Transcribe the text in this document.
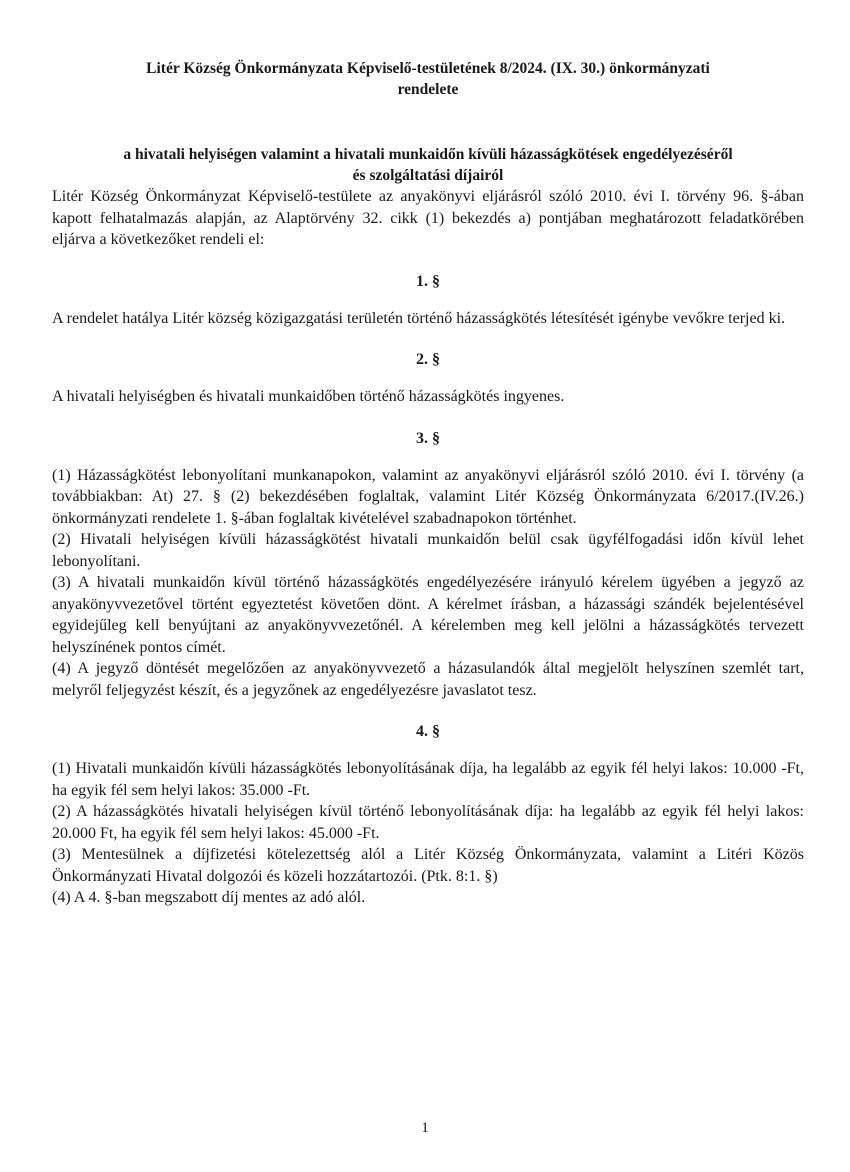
Litér Község Önkormányzata Képviselő-testületének 8/2024. (IX. 30.) önkormányzati

rendelete

a hivatali helyiségen valamint a hivatali munkaidőn kívüli házasságkötések engedélyezéséről

és szolgáltatási díjairól

Litér Község Önkormányzat Képviselő-testülete az anyakönyvi eljárásról szóló 2010. évi I. törvény 96. §-ában kapott felhatalmazás alapján, az Alaptörvény 32. cikk (1) bekezdés a) pontjában meghatározott feladatkörében eljárva a következőket rendeli el:

1. §

A rendelet hatálya Litér község közigazgatási területén történő házasságkötés létesítését igénybe vevőkre terjed ki.

2. §

A hivatali helyiségben és hivatali munkaidőben történő házasságkötés ingyenes.

3. §

(1) Házasságkötést lebonyolítani munkanapokon, valamint az anyakönyvi eljárásról szóló 2010. évi I. törvény (a továbbiakban: At) 27. § (2) bekezdésében foglaltak, valamint Litér Község Önkormányzata 6/2017.(IV.26.) önkormányzati rendelete 1. §-ában foglaltak kivételével szabadnapokon történhet.

(2) Hivatali helyiségen kívüli házasságkötést hivatali munkaidőn belül csak ügyfélfogadási időn kívül lehet lebonyolítani.

(3) A hivatali munkaidőn kívül történő házasságkötés engedélyezésére irányuló kérelem ügyében a jegyző az anyakönyvvezetővel történt egyeztetést követően dönt. A kérelmet írásban, a házassági szándék bejelentésével egyidejűleg kell benyújtani az anyakönyvvezetőnél. A kérelemben meg kell jelölni a házasságkötés tervezett helyszínének pontos címét.

(4) A jegyző döntését megelőzően az anyakönyvvezető a házasulandók által megjelölt helyszínen szemlét tart, melyről feljegyzést készít, és a jegyzőnek az engedélyezésre javaslatot tesz.

4. §

(1) Hivatali munkaidőn kívüli házasságkötés lebonyolításának díja, ha legalább az egyik fél helyi lakos: 10.000 -Ft, ha egyik fél sem helyi lakos: 35.000 -Ft.

(2) A házasságkötés hivatali helyiségen kívül történő lebonyolításának díja: ha legalább az egyik fél helyi lakos: 20.000 Ft, ha egyik fél sem helyi lakos: 45.000 -Ft.

(3) Mentesülnek a díjfizetési kötelezettség alól a Litér Község Önkormányzata, valamint a Litéri Közös Önkormányzati Hivatal dolgozói és közeli hozzátartozói. (Ptk. 8:1. §)

(4) A 4. §-ban megszabott díj mentes az adó alól.

1
